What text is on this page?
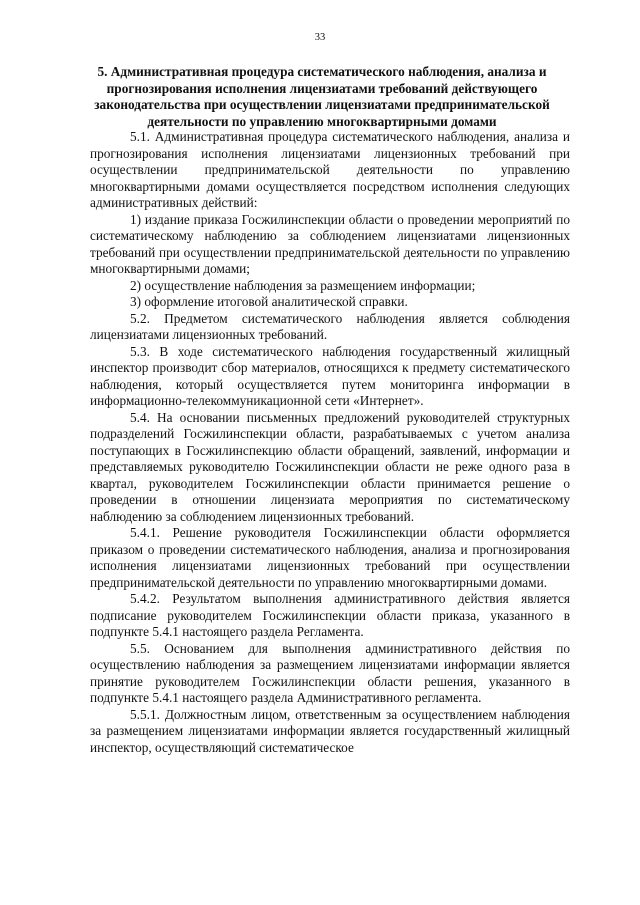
33
5. Административная процедура систематического наблюдения, анализа и прогнозирования исполнения лицензиатами требований действующего законодательства при осуществлении лицензиатами предпринимательской деятельности по управлению многоквартирными домами

5.1. Административная процедура систематического наблюдения, анализа и прогнозирования исполнения лицензиатами лицензионных требований при осуществлении предпринимательской деятельности по управлению многоквартирными домами осуществляется посредством исполнения следующих административных действий:

1) издание приказа Госжилинспекции области о проведении мероприятий по систематическому наблюдению за соблюдением лицензиатами лицензионных требований при осуществлении предпринимательской деятельности по управлению многоквартирными домами;

2) осуществление наблюдения за размещением информации;

3) оформление итоговой аналитической справки.

5.2. Предметом систематического наблюдения является соблюдения лицензиатами лицензионных требований.

5.3. В ходе систематического наблюдения государственный жилищный инспектор производит сбор материалов, относящихся к предмету систематического наблюдения, который осуществляется путем мониторинга информации в информационно-телекоммуникационной сети «Интернет».

5.4. На основании письменных предложений руководителей структурных подразделений Госжилинспекции области, разрабатываемых с учетом анализа поступающих в Госжилинспекцию области обращений, заявлений, информации и представляемых руководителю Госжилинспекции области не реже одного раза в квартал, руководителем Госжилинспекции области принимается решение о проведении в отношении лицензиата мероприятия по систематическому наблюдению за соблюдением лицензионных требований.

5.4.1. Решение руководителя Госжилинспекции области оформляется приказом о проведении систематического наблюдения, анализа и прогнозирования исполнения лицензиатами лицензионных требований при осуществлении предпринимательской деятельности по управлению многоквартирными домами.

5.4.2. Результатом выполнения административного действия является подписание руководителем Госжилинспекции области приказа, указанного в подпункте 5.4.1 настоящего раздела Регламента.

5.5. Основанием для выполнения административного действия по осуществлению наблюдения за размещением лицензиатами информации является принятие руководителем Госжилинспекции области решения, указанного в подпункте 5.4.1 настоящего раздела Административного регламента.

5.5.1. Должностным лицом, ответственным за осуществлением наблюдения за размещением лицензиатами информации является государственный жилищный инспектор, осуществляющий систематическое
